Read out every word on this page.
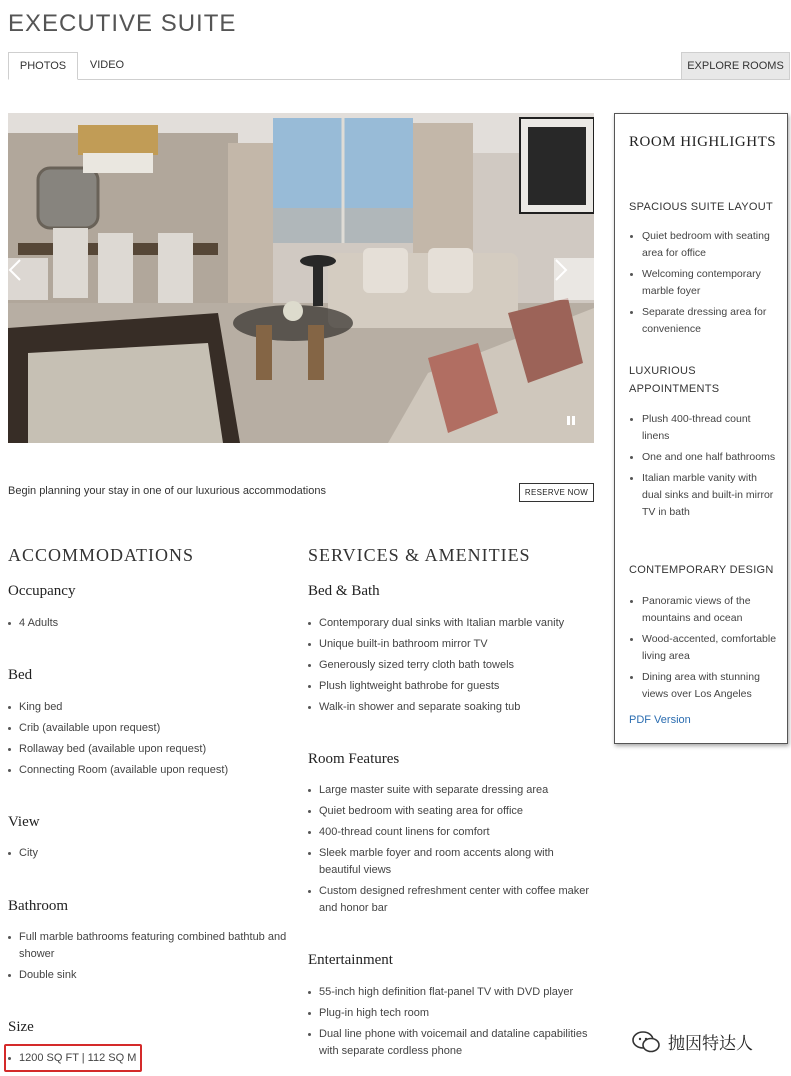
EXECUTIVE SUITE
PHOTOS	VIDEO	EXPLORE ROOMS
Begin planning your stay in one of our luxurious accommodations	RESERVE NOW
ACCOMMODATIONS
Occupancy
4 Adults
Bed
King bed
Crib (available upon request)
Rollaway bed (available upon request)
Connecting Room (available upon request)
View
City
Bathroom
Full marble bathrooms featuring combined bathtub and shower
Double sink
Size
1200 SQ FT | 112 SQ M
SERVICES & AMENITIES
Bed & Bath
Contemporary dual sinks with Italian marble vanity
Unique built-in bathroom mirror TV
Generously sized terry cloth bath towels
Plush lightweight bathrobe for guests
Walk-in shower and separate soaking tub
Room Features
Large master suite with separate dressing area
Quiet bedroom with seating area for office
400-thread count linens for comfort
Sleek marble foyer and room accents along with beautiful views
Custom designed refreshment center with coffee maker and honor bar
Entertainment
55-inch high definition flat-panel TV with DVD player
Plug-in high tech room
Dual line phone with voicemail and dataline capabilities with separate cordless phone
ROOM HIGHLIGHTS
SPACIOUS SUITE LAYOUT
Quiet bedroom with seating area for office
Welcoming contemporary marble foyer
Separate dressing area for convenience
LUXURIOUS APPOINTMENTS
Plush 400-thread count linens
One and one half bathrooms
Italian marble vanity with dual sinks and built-in mirror TV in bath
CONTEMPORARY DESIGN
Panoramic views of the mountains and ocean
Wood-accented, comfortable living area
Dining area with stunning views over Los Angeles
PDF Version
抛因特达人
